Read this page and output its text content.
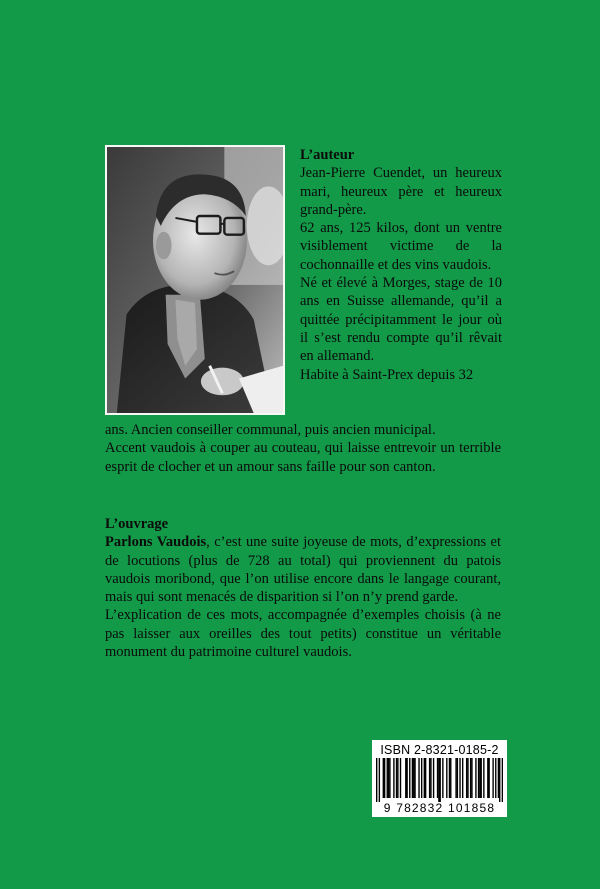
L’auteur

Jean-Pierre Cuendet, un heureux mari, heureux père et heureux grand-père.

62 ans, 125 kilos, dont un ventre visiblement victime de la cochonnaille et des vins vaudois.

Né et élevé à Morges, stage de 10 ans en Suisse allemande, qu’il a quittée précipitamment le jour où il s’est rendu compte qu’il rêvait en allemand.

Habite à Saint-Prex depuis 32

ans. Ancien conseiller communal, puis ancien municipal.

Accent vaudois à couper au couteau, qui laisse entrevoir un terrible esprit de clocher et un amour sans faille pour son canton.

L’ouvrage

Parlons Vaudois, c’est une suite joyeuse de mots, d’expressions et de locutions (plus de 728 au total) qui proviennent du patois vaudois moribond, que l’on utilise encore dans le langage courant, mais qui sont menacés de disparition si l’on n’y prend garde.

L’explication de ces mots, accompagnée d’exemples choisis (à ne pas laisser aux oreilles des tout petits) constitue un véritable monument du patrimoine culturel vaudois.

ISBN 2-8321-0185-2
9 782832 101858
